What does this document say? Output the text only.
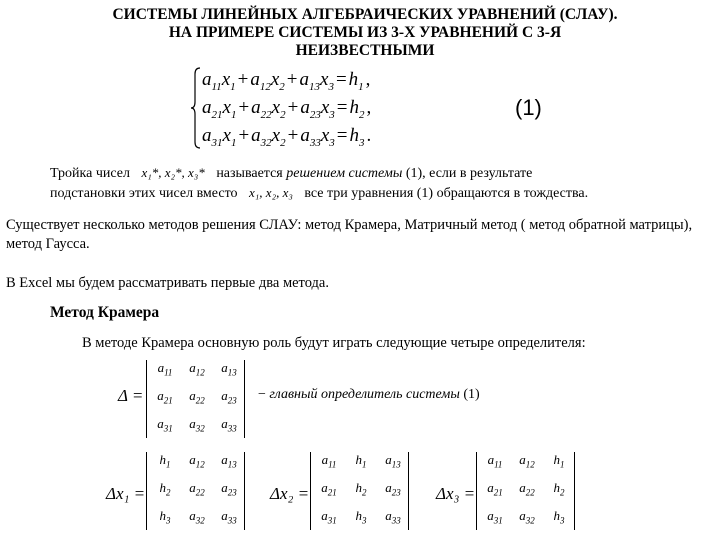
СИСТЕМЫ ЛИНЕЙНЫХ АЛГЕБРАИЧЕСКИХ УРАВНЕНИЙ (СЛАУ).
НА ПРИМЕРЕ СИСТЕМЫ ИЗ 3-Х УРАВНЕНИЙ С 3-Я
НЕИЗВЕСТНЫМИ
$a_{11}x_1 + a_{12}x_2 + a_{13}x_3 = h_1$ ,
$a_{21}x_1 + a_{22}x_2 + a_{23}x_3 = h_2$ ,
$a_{31}x_1 + a_{32}x_2 + a_{33}x_3 = h_3$ .
(1)
Тройка чисел x₁*, x₂*, x₃* называется решением системы (1), если в результате
подстановки этих чисел вместо x₁, x₂, x₃ все три уравнения (1) обращаются в тождества.
Существует несколько методов решения СЛАУ: метод Крамера, Матричный метод ( метод обратной матрицы), метод Гаусса.
В Excel мы будем рассматривать первые два метода.
Метод Крамера
В методе Крамера основную роль будут играть следующие четыре определителя:
Δ =
$a_{11}$	$a_{12}$	$a_{13}$
$a_{21}$	$a_{22}$	$a_{23}$
$a_{31}$	$a_{32}$	$a_{33}$
− главный определитель системы (1)
Δx₁ =
$h_1$	$a_{12}$	$a_{13}$
$h_2$	$a_{22}$	$a_{23}$
$h_3$	$a_{32}$	$a_{33}$
Δx₂ =
$a_{11}$	$h_1$	$a_{13}$
$a_{21}$	$h_2$	$a_{23}$
$a_{31}$	$h_3$	$a_{33}$
Δx₃ =
$a_{11}$	$a_{12}$	$h_1$
$a_{21}$	$a_{22}$	$h_2$
$a_{31}$	$a_{32}$	$h_3$
